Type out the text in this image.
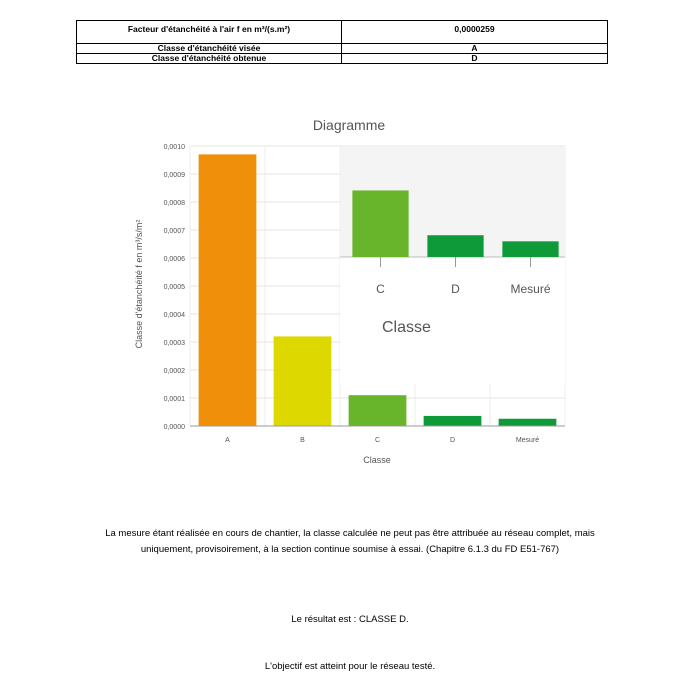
Facteur d'étanchéité à l'air f en m³/(s.m²)	0,0000259
Classe d'étanchéité visée	A
Classe d'étanchéité obtenue	D
Diagramme
Classe d'étanchéité f en m³/s/m²
0,0000
0,0001
0,0002
0,0003
0,0004
0,0005
0,0006
0,0007
0,0008
0,0009
0,0010
A	B	C	D	Mesuré
Classe
C	D	Mesuré
Classe
La mesure étant réalisée en cours de chantier, la classe calculée ne peut pas être attribuée au réseau complet, mais uniquement, provisoirement, à la section continue soumise à essai. (Chapitre 6.1.3 du FD E51-767)
Le résultat est : CLASSE D.
L'objectif est atteint pour le réseau testé.
